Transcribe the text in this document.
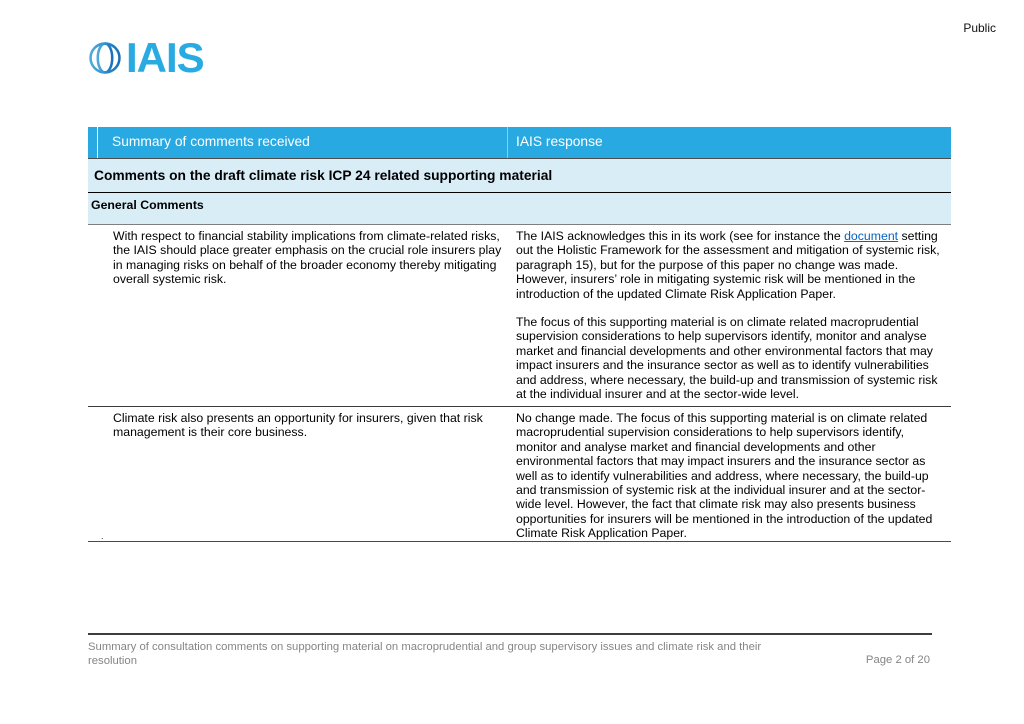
Public
IAIS
Summary of comments received	IAIS response
Comments on the draft climate risk ICP 24 related supporting material
General Comments

With respect to financial stability implications from climate-related risks, the IAIS should place greater emphasis on the crucial role insurers play in managing risks on behalf of the broader economy thereby mitigating overall systemic risk.

The IAIS acknowledges this in its work (see for instance the document setting out the Holistic Framework for the assessment and mitigation of systemic risk, paragraph 15), but for the purpose of this paper no change was made. However, insurers’ role in mitigating systemic risk will be mentioned in the introduction of the updated Climate Risk Application Paper.

The focus of this supporting material is on climate related macroprudential supervision considerations to help supervisors identify, monitor and analyse market and financial developments and other environmental factors that may impact insurers and the insurance sector as well as to identify vulnerabilities and address, where necessary, the build-up and transmission of systemic risk at the individual insurer and at the sector-wide level.

Climate risk also presents an opportunity for insurers, given that risk management is their core business.

No change made. The focus of this supporting material is on climate related macroprudential supervision considerations to help supervisors identify, monitor and analyse market and financial developments and other environmental factors that may impact insurers and the insurance sector as well as to identify vulnerabilities and address, where necessary, the build-up and transmission of systemic risk at the individual insurer and at the sector-wide level. However, the fact that climate risk may also presents business opportunities for insurers will be mentioned in the introduction of the updated Climate Risk Application Paper.

.
Summary of consultation comments on supporting material on macroprudential and group supervisory issues and climate risk and their
resolution	Page 2 of 20
